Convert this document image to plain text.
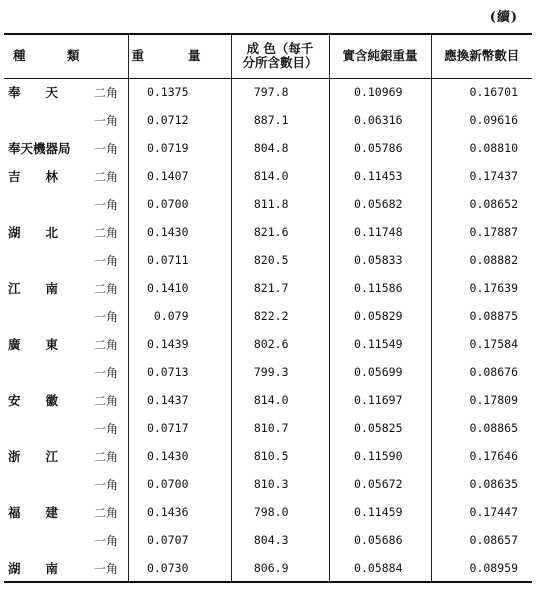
(續)
種 類	重 量	成 色（每千
分所含數目）	實含純銀重量	應換新幣數目
奉　　天 二角	0.1375	797.8	0.10969	0.16701
一角	0.0712	887.1	0.06316	0.09616
奉天機器局 一角	0.0719	804.8	0.05786	0.08810
吉　　林 二角	0.1407	814.0	0.11453	0.17437
一角	0.0700	811.8	0.05682	0.08652
湖　　北 二角	0.1430	821.6	0.11748	0.17887
一角	0.0711	820.5	0.05833	0.08882
江　　南 二角	0.1410	821.7	0.11586	0.17639
一角	0.079	822.2	0.05829	0.08875
廣　　東 二角	0.1439	802.6	0.11549	0.17584
一角	0.0713	799.3	0.05699	0.08676
安　　徽 二角	0.1437	814.0	0.11697	0.17809
一角	0.0717	810.7	0.05825	0.08865
浙　　江 二角	0.1430	810.5	0.11590	0.17646
一角	0.0700	810.3	0.05672	0.08635
福　　建 二角	0.1436	798.0	0.11459	0.17447
一角	0.0707	804.3	0.05686	0.08657
湖　　南 一角	0.0730	806.9	0.05884	0.08959
